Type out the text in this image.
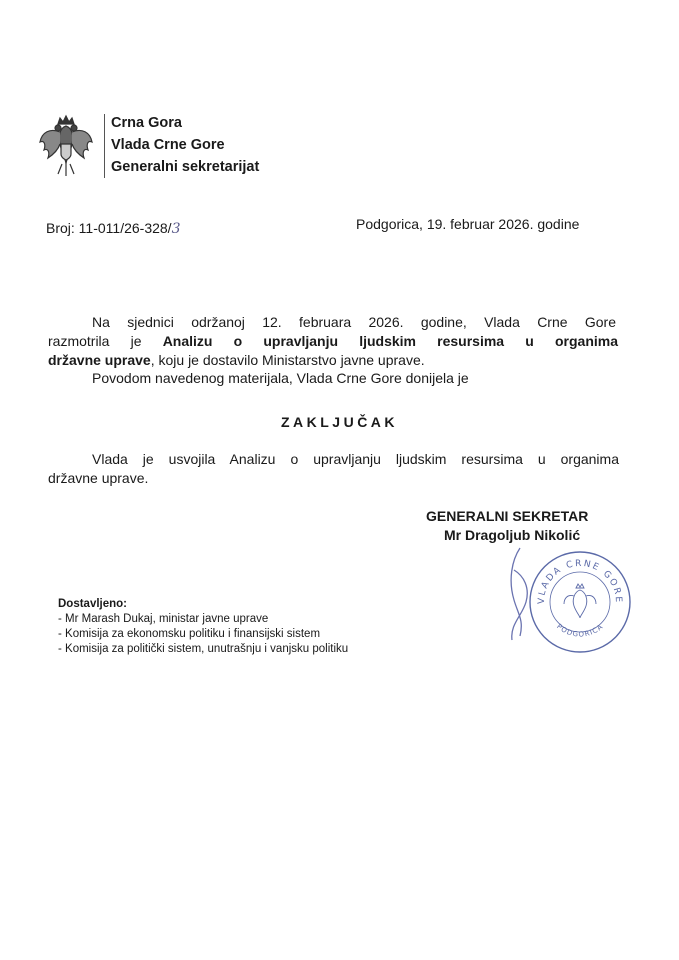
Crna Gora
Vlada Crne Gore
Generalni sekretarijat
Broj: 11-011/26-328/3	Podgorica, 19. februar 2026. godine
Na sjednici održanoj 12. februara 2026. godine, Vlada Crne Gore
razmotrila je Analizu o upravljanju ljudskim resursima u organima
državne uprave, koju je dostavilo Ministarstvo javne uprave.
Povodom navedenog materijala, Vlada Crne Gore donijela je
ZAKLJUČAK
Vlada je usvojila Analizu o upravljanju ljudskim resursima u organima
državne uprave.
GENERALNI SEKRETAR
Mr Dragoljub Nikolić
VLADA CRNE GORE
PODGORICA
Dostavljeno:
- Mr Marash Dukaj, ministar javne uprave
- Komisija za ekonomsku politiku i finansijski sistem
- Komisija za politički sistem, unutrašnju i vanjsku politiku
